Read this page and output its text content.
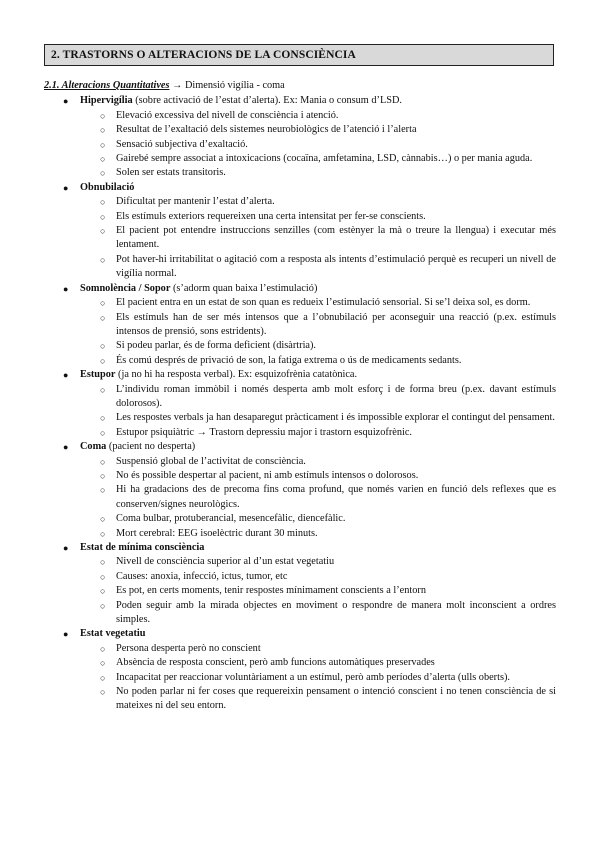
2. TRASTORNS O ALTERACIONS DE LA CONSCIÈNCIA
2.1. Alteracions Quantitatives → Dimensió vigília - coma
● Hipervigília (sobre activació de l’estat d’alerta). Ex: Mania o consum d’LSD.
○ Elevació excessiva del nivell de consciència i atenció.
○ Resultat de l’exaltació dels sistemes neurobiològics de l’atenció i l’alerta
○ Sensació subjectiva d’exaltació.
○ Gairebé sempre associat a intoxicacions (cocaïna, amfetamina, LSD, cànnabis…) o per mania aguda.
○ Solen ser estats transitoris.
● Obnubilació
○ Dificultat per mantenir l’estat d’alerta.
○ Els estímuls exteriors requereixen una certa intensitat per fer-se conscients.
○ El pacient pot entendre instruccions senzilles (com estènyer la mà o treure la llengua) i executar més lentament.
○ Pot haver-hi irritabilitat o agitació com a resposta als intents d’estimulació perquè es recuperi un nivell de vigília normal.
● Somnolència / Sopor (s’adorm quan baixa l’estimulació)
○ El pacient entra en un estat de son quan es redueix l’estimulació sensorial. Si se’l deixa sol, es dorm.
○ Els estímuls han de ser més intensos que a l’obnubilació per aconseguir una reacció (p.ex. estímuls intensos de prensió, sons estridents).
○ Si podeu parlar, és de forma deficient (disàrtria).
○ És comú després de privació de son, la fatiga extrema o ús de medicaments sedants.
● Estupor (ja no hi ha resposta verbal). Ex: esquizofrènia catatònica.
○ L’individu roman immòbil i només desperta amb molt esforç i de forma breu (p.ex. davant estímuls dolorosos).
○ Les respostes verbals ja han desaparegut pràcticament i és impossible explorar el contingut del pensament.
○ Estupor psiquiàtric → Trastorn depressiu major i trastorn esquizofrènic.
● Coma (pacient no desperta)
○ Suspensió global de l’activitat de consciència.
○ No és possible despertar al pacient, ni amb estímuls intensos o dolorosos.
○ Hi ha gradacions des de precoma fins coma profund, que només varien en funció dels reflexes que es conserven/signes neurològics.
○ Coma bulbar, protuberancial, mesencefàlic, diencefàlic.
○ Mort cerebral: EEG isoelèctric durant 30 minuts.
● Estat de mínima consciència
○ Nivell de consciència superior al d’un estat vegetatiu
○ Causes: anoxia, infecció, ictus, tumor, etc
○ Es pot, en certs moments, tenir respostes mínimament conscients a l’entorn
○ Poden seguir amb la mirada objectes en moviment o respondre de manera molt inconscient a ordres simples.
● Estat vegetatiu
○ Persona desperta però no conscient
○ Absència de resposta conscient, però amb funcions automàtiques preservades
○ Incapacitat per reaccionar voluntàriament a un estímul, però amb períodes d’alerta (ulls oberts).
○ No poden parlar ni fer coses que requereixin pensament o intenció conscient i no tenen consciència de si mateixes ni del seu entorn.
